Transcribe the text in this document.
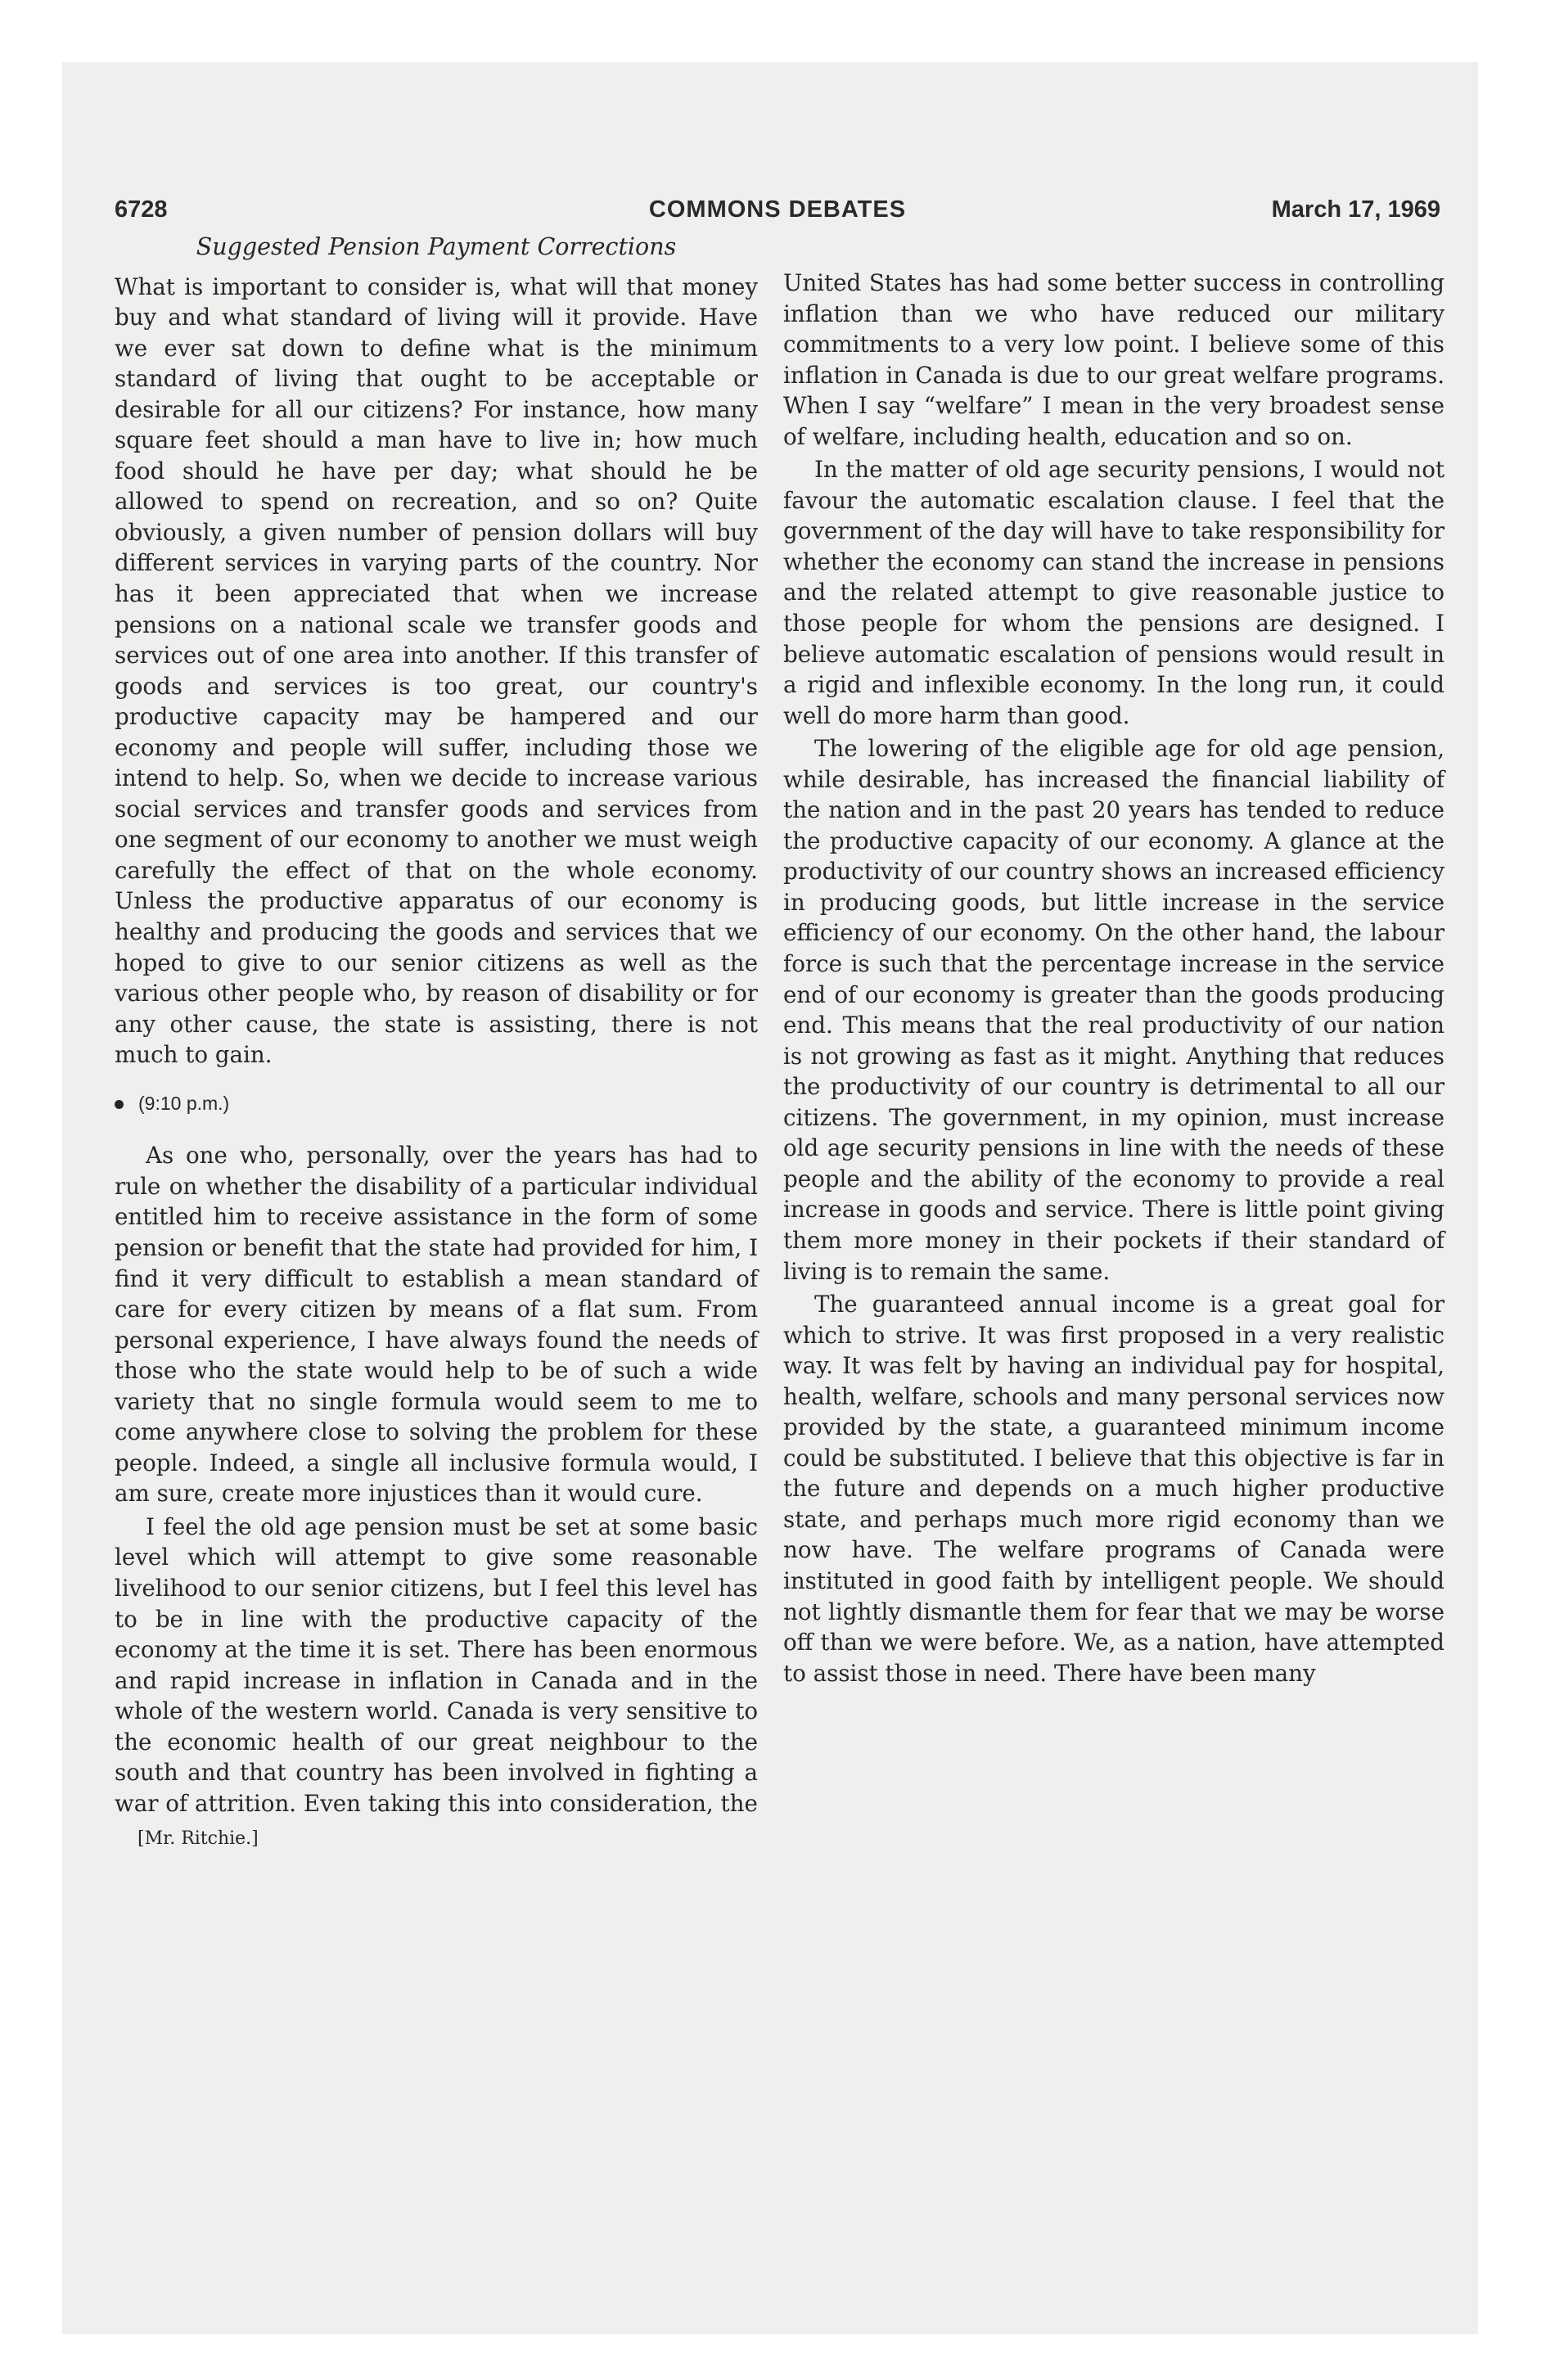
6728	COMMONS DEBATES	March 17, 1969
Suggested Pension Payment Corrections

What is important to consider is, what will that money buy and what standard of living will it provide. Have we ever sat down to define what is the minimum standard of living that ought to be acceptable or desirable for all our citizens? For instance, how many square feet should a man have to live in; how much food should he have per day; what should he be allowed to spend on recreation, and so on? Quite obviously, a given number of pension dollars will buy different services in varying parts of the country. Nor has it been appreciated that when we increase pensions on a national scale we transfer goods and services out of one area into another. If this transfer of goods and services is too great, our country's productive capacity may be hampered and our economy and people will suffer, including those we intend to help. So, when we decide to increase various social services and transfer goods and services from one segment of our economy to another we must weigh carefully the effect of that on the whole economy. Unless the productive apparatus of our economy is healthy and producing the goods and services that we hoped to give to our senior citizens as well as the various other people who, by reason of disability or for any other cause, the state is assisting, there is not much to gain.

(9:10 p.m.)

As one who, personally, over the years has had to rule on whether the disability of a particular individual entitled him to receive assistance in the form of some pension or benefit that the state had provided for him, I find it very difficult to establish a mean standard of care for every citizen by means of a flat sum. From personal experience, I have always found the needs of those who the state would help to be of such a wide variety that no single formula would seem to me to come anywhere close to solving the problem for these people. Indeed, a single all inclusive formula would, I am sure, create more injustices than it would cure.

I feel the old age pension must be set at some basic level which will attempt to give some reasonable livelihood to our senior citizens, but I feel this level has to be in line with the productive capacity of the economy at the time it is set. There has been enormous and rapid increase in inflation in Canada and in the whole of the western world. Canada is very sensitive to the economic health of our great neighbour to the south and that country has been involved in fighting a war of attrition. Even taking this into consideration, the

[Mr. Ritchie.]

United States has had some better success in controlling inflation than we who have reduced our military commitments to a very low point. I believe some of this inflation in Canada is due to our great welfare programs. When I say “welfare” I mean in the very broadest sense of welfare, including health, education and so on.

In the matter of old age security pensions, I would not favour the automatic escalation clause. I feel that the government of the day will have to take responsibility for whether the economy can stand the increase in pensions and the related attempt to give reasonable justice to those people for whom the pensions are designed. I believe automatic escalation of pensions would result in a rigid and inflexible economy. In the long run, it could well do more harm than good.

The lowering of the eligible age for old age pension, while desirable, has increased the financial liability of the nation and in the past 20 years has tended to reduce the productive capacity of our economy. A glance at the productivity of our country shows an increased efficiency in producing goods, but little increase in the service efficiency of our economy. On the other hand, the labour force is such that the percentage increase in the service end of our economy is greater than the goods producing end. This means that the real productivity of our nation is not growing as fast as it might. Anything that reduces the productivity of our country is detrimental to all our citizens. The government, in my opinion, must increase old age security pensions in line with the needs of these people and the ability of the economy to provide a real increase in goods and service. There is little point giving them more money in their pockets if their standard of living is to remain the same.

The guaranteed annual income is a great goal for which to strive. It was first proposed in a very realistic way. It was felt by having an individual pay for hospital, health, welfare, schools and many personal services now provided by the state, a guaranteed minimum income could be substituted. I believe that this objective is far in the future and depends on a much higher productive state, and perhaps much more rigid economy than we now have. The welfare programs of Canada were instituted in good faith by intelligent people. We should not lightly dismantle them for fear that we may be worse off than we were before. We, as a nation, have attempted to assist those in need. There have been many
